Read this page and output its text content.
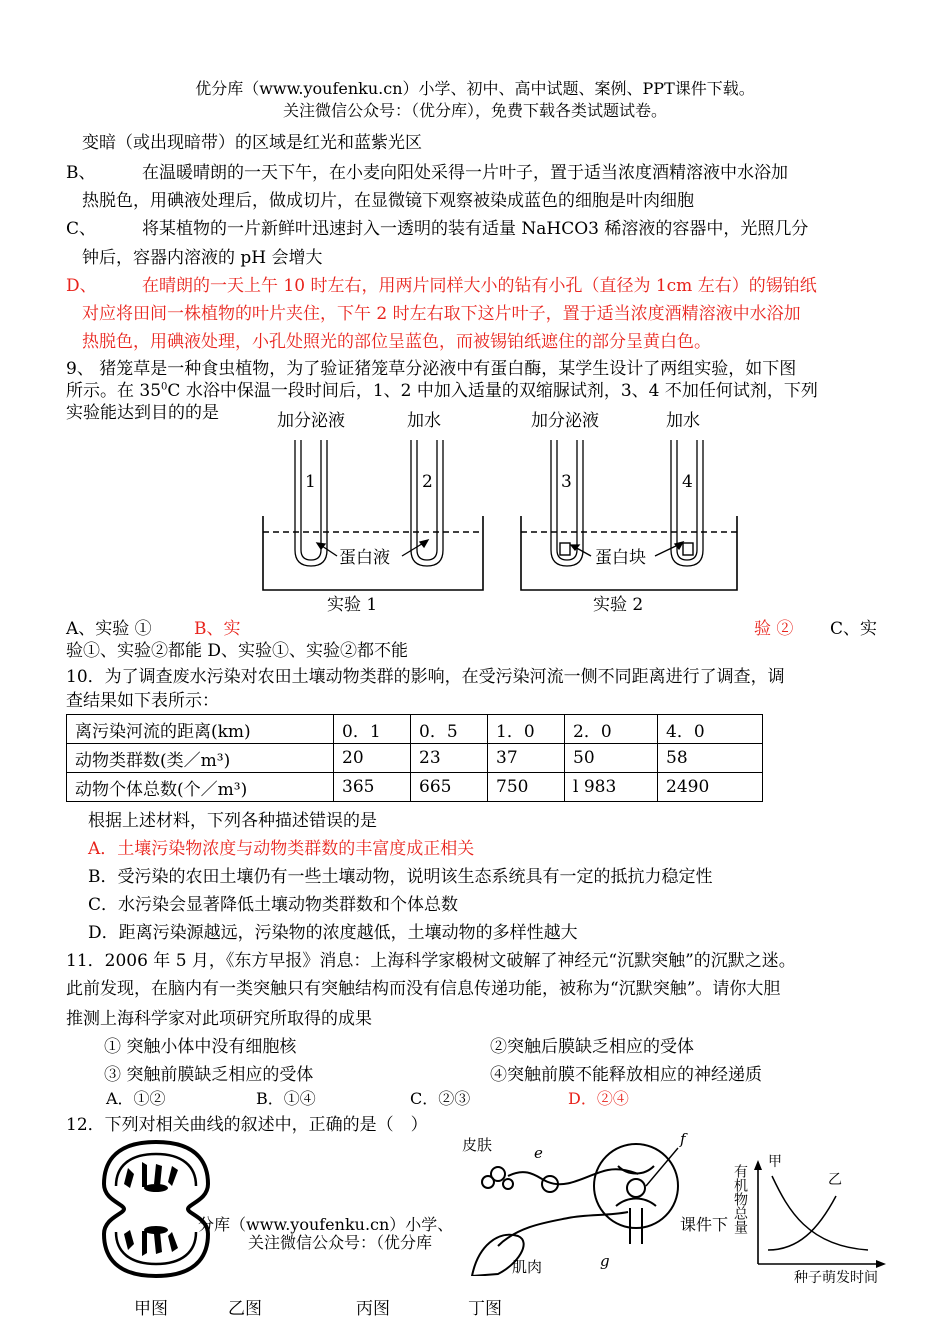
优分库（www.youfenku.cn）小学、初中、高中试题、案例、PPT课件下载。
关注微信公众号：（优分库），免费下载各类试题试卷。
变暗（或出现暗带）的区域是红光和蓝紫光区
B、	在温暖晴朗的一天下午，在小麦向阳处采得一片叶子，置于适当浓度酒精溶液中水浴加
热脱色，用碘液处理后，做成切片，在显微镜下观察被染成蓝色的细胞是叶肉细胞
C、	将某植物的一片新鲜叶迅速封入一透明的装有适量 NaHCO3 稀溶液的容器中，光照几分
钟后，容器内溶液的 pH 会增大
D、	在晴朗的一天上午 10 时左右，用两片同样大小的钻有小孔（直径为 1cm 左右）的锡铂纸
对应将田间一株植物的叶片夹住，下午 2 时左右取下这片叶子，置于适当浓度酒精溶液中水浴加
热脱色，用碘液处理，小孔处照光的部位呈蓝色，而被锡铂纸遮住的部分呈黄白色。
9、 猪笼草是一种食虫植物，为了验证猪笼草分泌液中有蛋白酶，某学生设计了两组实验，如下图
所示。在 $35^0C$ 水浴中保温一段时间后，1、2 中加入适量的双缩脲试剂，3、4 不加任何试剂，下列
实验能达到目的的是	加分泌液	加水	加分泌液	加水
1	2	3	4
蛋白液	蛋白块
实验 1	实验 2
A、实验 ① B、实	验 ② C、实
验①、实验②都能 D、实验①、实验②都不能
10．为了调查废水污染对农田土壤动物类群的影响，在受污染河流一侧不同距离进行了调查，调
查结果如下表所示：
离污染河流的距离(km)	0．1	0．5	1．0	2．0	4．0
动物类群数(类／m³)	20	23	37	50	58
动物个体总数(个／m³)	365	665	750	l 983	2490
根据上述材料，下列各种描述错误的是
A．土壤污染物浓度与动物类群数的丰富度成正相关
B．受污染的农田土壤仍有一些土壤动物，说明该生态系统具有一定的抵抗力稳定性
C．水污染会显著降低土壤动物类群数和个体总数
D．距离污染源越远，污染物的浓度越低，土壤动物的多样性越大
11．2006 年 5 月，《东方早报》消息：上海科学家椴树文破解了神经元“沉默突触”的沉默之迷。
此前发现，在脑内有一类突触只有突触结构而没有信息传递功能，被称为“沉默突触”。请你大胆
推测上海科学家对此项研究所取得的成果
① 突触小体中没有细胞核	②突触后膜缺乏相应的受体
③ 突触前膜缺乏相应的受体	④突触前膜不能释放相应的神经递质
A．①②	B．①④	C．②③	D．②④
12．下列对相关曲线的叙述中，正确的是（　）
皮肤	e
f
g
肌肉
分库（www.youfenku.cn）小学、	课件下
关注微信公众号：（优分库
甲
乙
有机物总量
种子萌发时间
甲图	乙图	丙图	丁图
